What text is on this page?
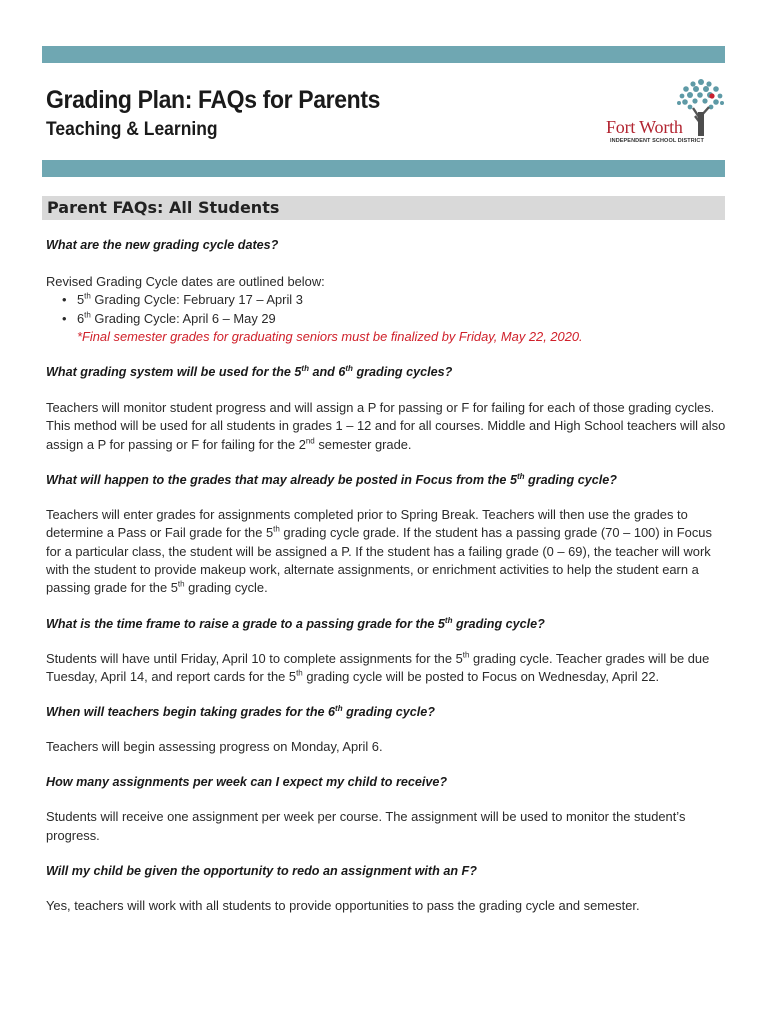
Grading Plan: FAQs for Parents
Teaching & Learning	Fort Worth
INDEPENDENT SCHOOL DISTRICT
Parent FAQs: All Students

What are the new grading cycle dates?

Revised Grading Cycle dates are outlined below:

• 5th Grading Cycle: February 17 – April 3
• 6th Grading Cycle: April 6 – May 29

*Final semester grades for graduating seniors must be finalized by Friday, May 22, 2020.

What grading system will be used for the 5th and 6th grading cycles?

Teachers will monitor student progress and will assign a P for passing or F for failing for each of those grading cycles. This method will be used for all students in grades 1 – 12 and for all courses. Middle and High School teachers will also assign a P for passing or F for failing for the 2nd semester grade.

What will happen to the grades that may already be posted in Focus from the 5th grading cycle?

Teachers will enter grades for assignments completed prior to Spring Break. Teachers will then use the grades to determine a Pass or Fail grade for the 5th grading cycle grade. If the student has a passing grade (70 – 100) in Focus for a particular class, the student will be assigned a P. If the student has a failing grade (0 – 69), the teacher will work with the student to provide makeup work, alternate assignments, or enrichment activities to help the student earn a passing grade for the 5th grading cycle.

What is the time frame to raise a grade to a passing grade for the 5th grading cycle?

Students will have until Friday, April 10 to complete assignments for the 5th grading cycle. Teacher grades will be due Tuesday, April 14, and report cards for the 5th grading cycle will be posted to Focus on Wednesday, April 22.

When will teachers begin taking grades for the 6th grading cycle?

Teachers will begin assessing progress on Monday, April 6.

How many assignments per week can I expect my child to receive?

Students will receive one assignment per week per course. The assignment will be used to monitor the student’s progress.

Will my child be given the opportunity to redo an assignment with an F?

Yes, teachers will work with all students to provide opportunities to pass the grading cycle and semester.
